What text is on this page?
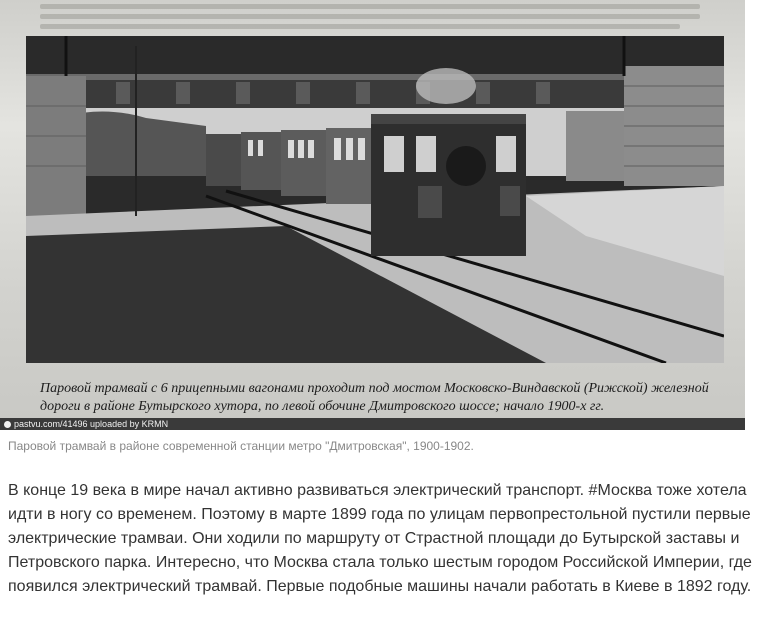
Паровой трамвай с 6 прицепными вагонами проходит под мостом Московско-Виндавской (Рижской) железной дороги в районе Бутырского хутора, по левой обочине Дмитровского шоссе; начало 1900-х гг.
pastvu.com/41496 uploaded by KRMN
Паровой трамвай в районе современной станции метро "Дмитровская", 1900-1902.

В конце 19 века в мире начал активно развиваться электрический транспорт. #Москва тоже хотела идти в ногу со временем. Поэтому в марте 1899 года по улицам первопрестольной пустили первые электрические трамваи. Они ходили по маршруту от Страстной площади до Бутырской заставы и Петровского парка. Интересно, что Москва стала только шестым городом Российской Империи, где появился электрический трамвай. Первые подобные машины начали работать в Киеве в 1892 году.
